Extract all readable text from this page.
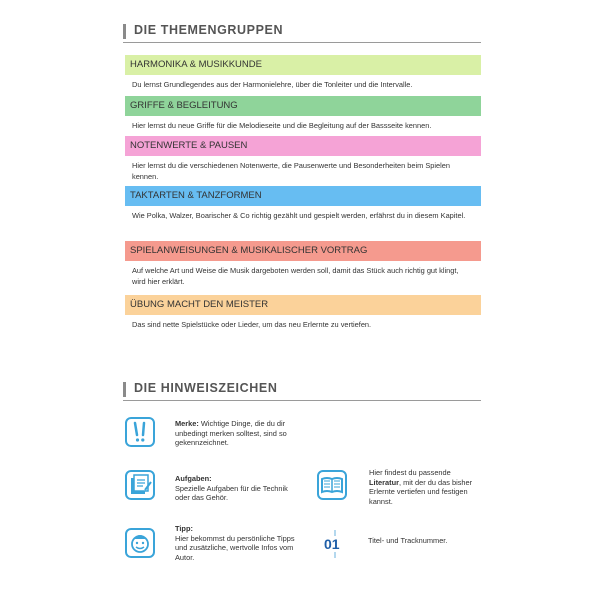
DIE THEMENGRUPPEN
HARMONIKA & MUSIKKUNDE
Du lernst Grundlegendes aus der Harmonielehre, über die Tonleiter und die Intervalle.
GRIFFE & BEGLEITUNG
Hier lernst du neue Griffe für die Melodieseite und die Begleitung auf der Bassseite kennen.
NOTENWERTE & PAUSEN
Hier lernst du die verschiedenen Notenwerte, die Pausenwerte und Besonderheiten beim Spielen kennen.
TAKTARTEN & TANZFORMEN
Wie Polka, Walzer, Boarischer & Co richtig gezählt und gespielt werden, erfährst du in diesem Kapitel.
SPIELANWEISUNGEN & MUSIKALISCHER VORTRAG
Auf welche Art und Weise die Musik dargeboten werden soll, damit das Stück auch richtig gut klingt, wird hier erklärt.
ÜBUNG MACHT DEN MEISTER
Das sind nette Spielstücke oder Lieder, um das neu Erlernte zu vertiefen.
DIE HINWEISZEICHEN
Merke: Wichtige Dinge, die du dir unbedingt merken solltest, sind so gekennzeichnet.
Aufgaben:
Spezielle Aufgaben für die Technik oder das Gehör.
Hier findest du passende
Literatur, mit der du das bisher Erlernte vertiefen und festigen kannst.
Tipp:
Hier bekommst du persönliche Tipps und zusätzliche, wertvolle Infos vom Autor.
01	Titel- und Tracknummer.
